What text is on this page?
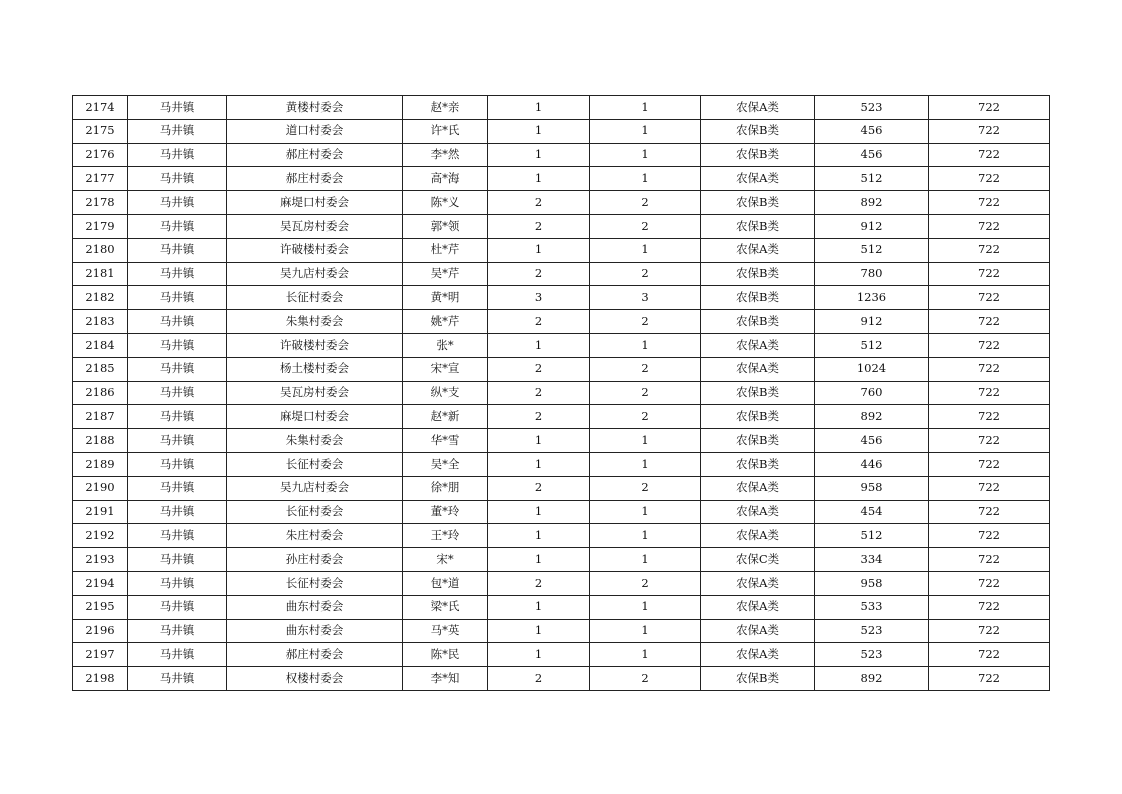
2174	马井镇	黄楼村委会	赵*亲	1	1	农保A类	523	722
2175	马井镇	道口村委会	许*氏	1	1	农保B类	456	722
2176	马井镇	郝庄村委会	李*然	1	1	农保B类	456	722
2177	马井镇	郝庄村委会	高*海	1	1	农保A类	512	722
2178	马井镇	麻堤口村委会	陈*义	2	2	农保B类	892	722
2179	马井镇	吴瓦房村委会	郭*领	2	2	农保B类	912	722
2180	马井镇	许破楼村委会	杜*芹	1	1	农保A类	512	722
2181	马井镇	吴九店村委会	吴*芹	2	2	农保B类	780	722
2182	马井镇	长征村委会	黄*明	3	3	农保B类	1236	722
2183	马井镇	朱集村委会	姚*芹	2	2	农保B类	912	722
2184	马井镇	许破楼村委会	张*	1	1	农保A类	512	722
2185	马井镇	杨土楼村委会	宋*宣	2	2	农保A类	1024	722
2186	马井镇	吴瓦房村委会	纵*支	2	2	农保B类	760	722
2187	马井镇	麻堤口村委会	赵*新	2	2	农保B类	892	722
2188	马井镇	朱集村委会	华*雪	1	1	农保B类	456	722
2189	马井镇	长征村委会	吴*全	1	1	农保B类	446	722
2190	马井镇	吴九店村委会	徐*朋	2	2	农保A类	958	722
2191	马井镇	长征村委会	董*玲	1	1	农保A类	454	722
2192	马井镇	朱庄村委会	王*玲	1	1	农保A类	512	722
2193	马井镇	孙庄村委会	宋*	1	1	农保C类	334	722
2194	马井镇	长征村委会	包*道	2	2	农保A类	958	722
2195	马井镇	曲东村委会	梁*氏	1	1	农保A类	533	722
2196	马井镇	曲东村委会	马*英	1	1	农保A类	523	722
2197	马井镇	郝庄村委会	陈*民	1	1	农保A类	523	722
2198	马井镇	权楼村委会	李*知	2	2	农保B类	892	722
